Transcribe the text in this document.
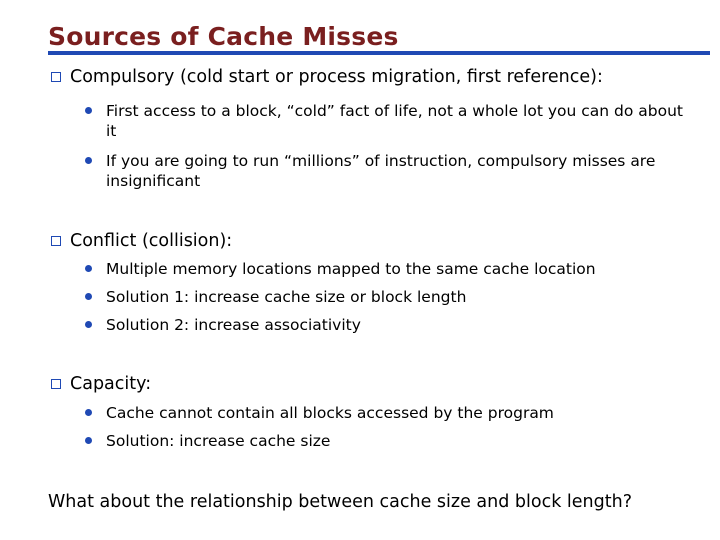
Sources of Cache Misses
Compulsory (cold start or process migration, first reference):
First access to a block, “cold” fact of life, not a whole lot you can do about it
If you are going to run “millions” of instruction, compulsory misses are insignificant
Conflict (collision):
Multiple memory locations mapped to the same cache location
Solution 1: increase cache size or block length
Solution 2: increase associativity
Capacity:
Cache cannot contain all blocks accessed by the program
Solution: increase cache size
What about the relationship between cache size and block length?
